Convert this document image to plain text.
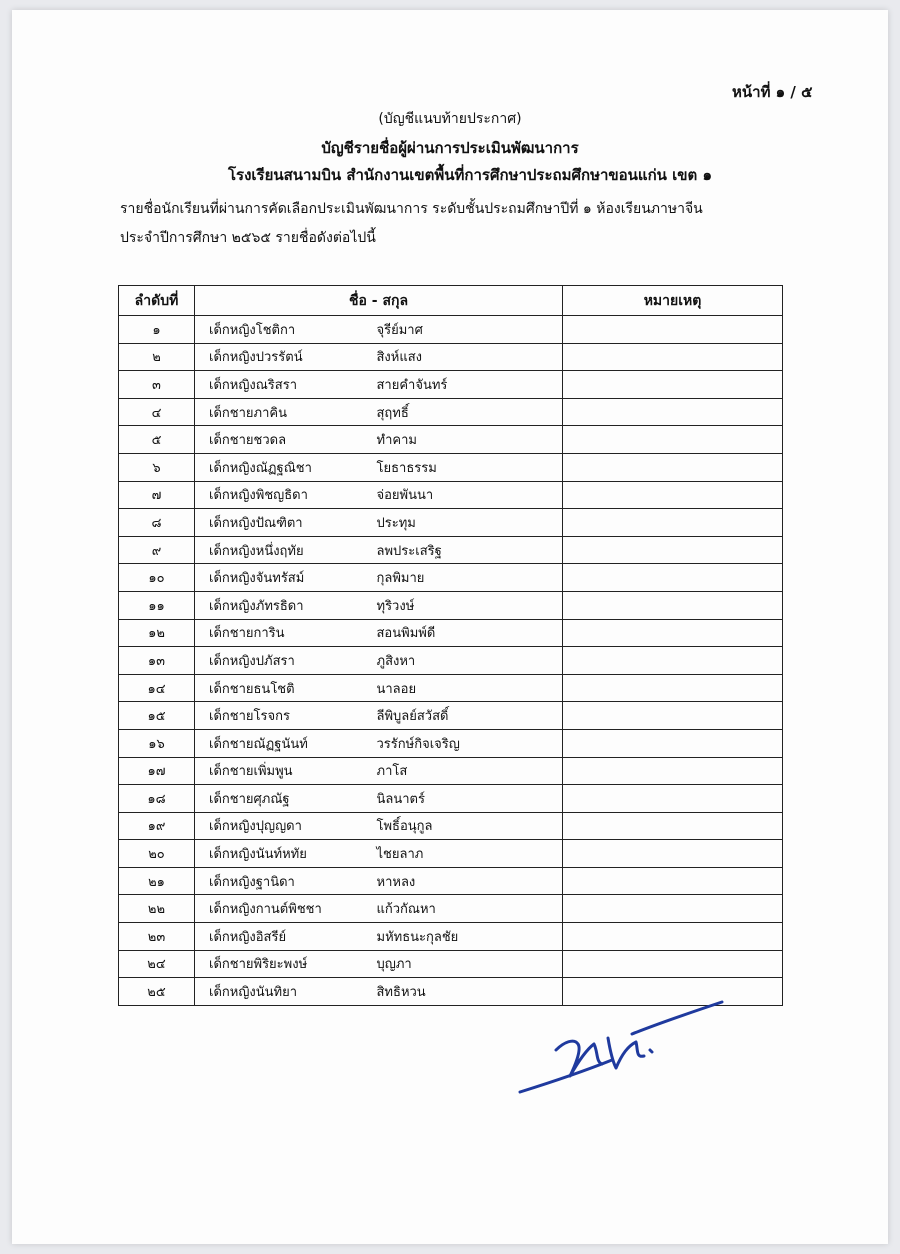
หน้าที่ ๑ / ๕
(บัญชีแนบท้ายประกาศ)
บัญชีรายชื่อผู้ผ่านการประเมินพัฒนาการ
โรงเรียนสนามบิน สำนักงานเขตพื้นที่การศึกษาประถมศึกษาขอนแก่น เขต ๑
รายชื่อนักเรียนที่ผ่านการคัดเลือกประเมินพัฒนาการ ระดับชั้นประถมศึกษาปีที่ ๑ ห้องเรียนภาษาจีน
ประจำปีการศึกษา ๒๕๖๕ รายชื่อดังต่อไปนี้
ลำดับที่	ชื่อ - สกุล		หมายเหตุ
๑	เด็กหญิงโชติกา	จุรีย์มาศ	
๒	เด็กหญิงปวรรัตน์	สิงห์แสง	
๓	เด็กหญิงณริสรา	สายคำจันทร์	
๔	เด็กชายภาคิน	สุฤทธิ์	
๕	เด็กชายชวดล	ทำคาม	
๖	เด็กหญิงณัฏฐณิชา	โยธาธรรม	
๗	เด็กหญิงพิชญธิดา	จ่อยพันนา	
๘	เด็กหญิงปัณฑิตา	ประทุม	
๙	เด็กหญิงหนึ่งฤทัย	ลพประเสริฐ	
๑๐	เด็กหญิงจันทรัสม์	กุลพิมาย	
๑๑	เด็กหญิงภัทรธิดา	ทุริวงษ์	
๑๒	เด็กชายการิน	สอนพิมพ์ดี	
๑๓	เด็กหญิงปภัสรา	ภูสิงหา	
๑๔	เด็กชายธนโชติ	นาลอย	
๑๕	เด็กชายโรจกร	ลีพิบูลย์สวัสดิ์	
๑๖	เด็กชายณัฏฐนันท์	วรรักษ์กิจเจริญ	
๑๗	เด็กชายเพิ่มพูน	ภาโส	
๑๘	เด็กชายศุภณัฐ	นิลนาตร์	
๑๙	เด็กหญิงปุญญดา	โพธิ์อนุกูล	
๒๐	เด็กหญิงนันท์หทัย	ไชยลาภ	
๒๑	เด็กหญิงฐานิดา	หาหลง	
๒๒	เด็กหญิงกานต์พิชชา	แก้วกัณหา	
๒๓	เด็กหญิงอิสรีย์	มหัทธนะกุลชัย	
๒๔	เด็กชายพิริยะพงษ์	บุญภา	
๒๕	เด็กหญิงนันทิยา	สิทธิหวน	
